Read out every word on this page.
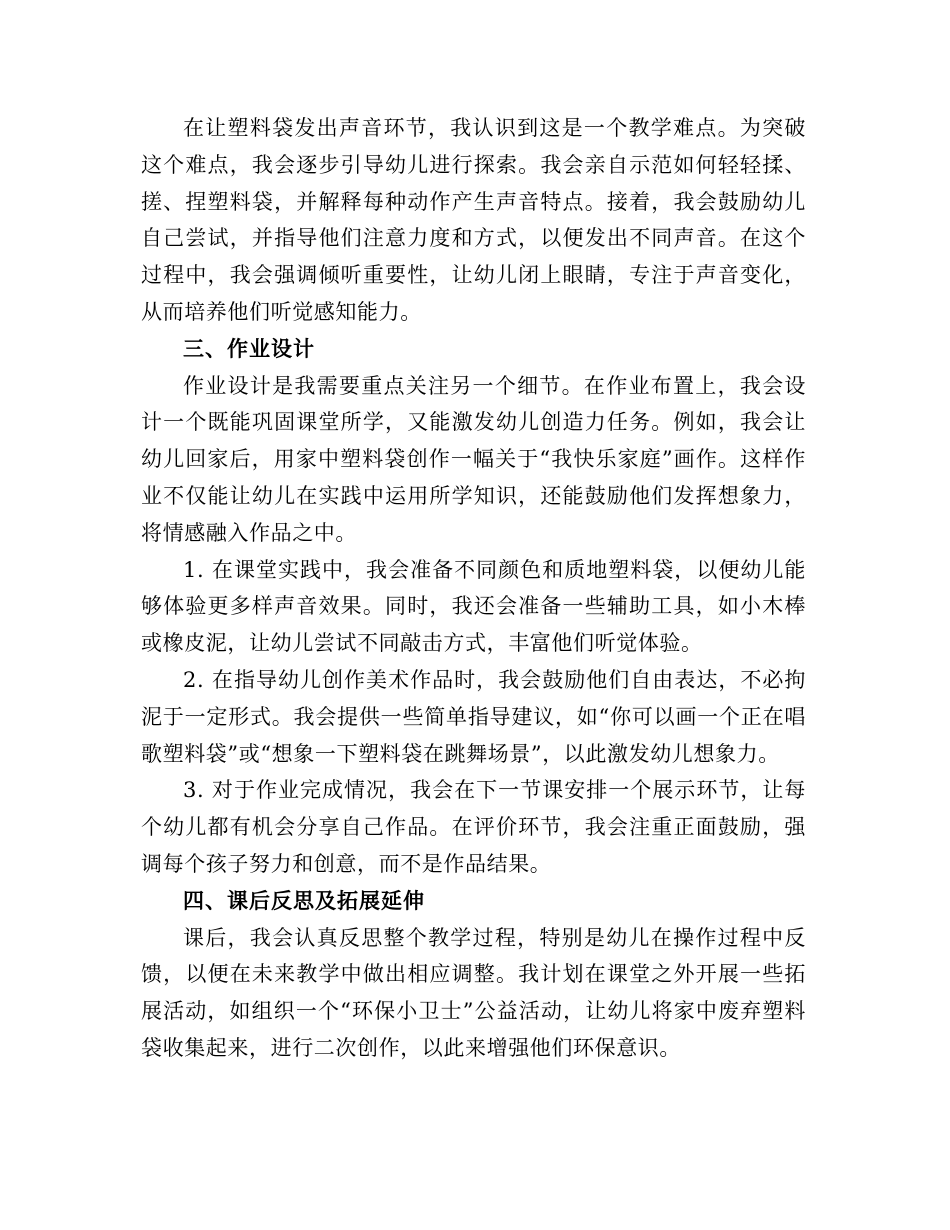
在让塑料袋发出声音环节，我认识到这是一个教学难点。为突破这个难点，我会逐步引导幼儿进行探索。我会亲自示范如何轻轻揉、搓、捏塑料袋，并解释每种动作产生声音特点。接着，我会鼓励幼儿自己尝试，并指导他们注意力度和方式，以便发出不同声音。在这个过程中，我会强调倾听重要性，让幼儿闭上眼睛，专注于声音变化，从而培养他们听觉感知能力。

三、作业设计

作业设计是我需要重点关注另一个细节。在作业布置上，我会设计一个既能巩固课堂所学，又能激发幼儿创造力任务。例如，我会让幼儿回家后，用家中塑料袋创作一幅关于“我快乐家庭”画作。这样作业不仅能让幼儿在实践中运用所学知识，还能鼓励他们发挥想象力，将情感融入作品之中。

1. 在课堂实践中，我会准备不同颜色和质地塑料袋，以便幼儿能够体验更多样声音效果。同时，我还会准备一些辅助工具，如小木棒或橡皮泥，让幼儿尝试不同敲击方式，丰富他们听觉体验。

2. 在指导幼儿创作美术作品时，我会鼓励他们自由表达，不必拘泥于一定形式。我会提供一些简单指导建议，如“你可以画一个正在唱歌塑料袋”或“想象一下塑料袋在跳舞场景”，以此激发幼儿想象力。

3. 对于作业完成情况，我会在下一节课安排一个展示环节，让每个幼儿都有机会分享自己作品。在评价环节，我会注重正面鼓励，强调每个孩子努力和创意，而不是作品结果。

四、课后反思及拓展延伸

课后，我会认真反思整个教学过程，特别是幼儿在操作过程中反馈，以便在未来教学中做出相应调整。我计划在课堂之外开展一些拓展活动，如组织一个“环保小卫士”公益活动，让幼儿将家中废弃塑料袋收集起来，进行二次创作，以此来增强他们环保意识。
